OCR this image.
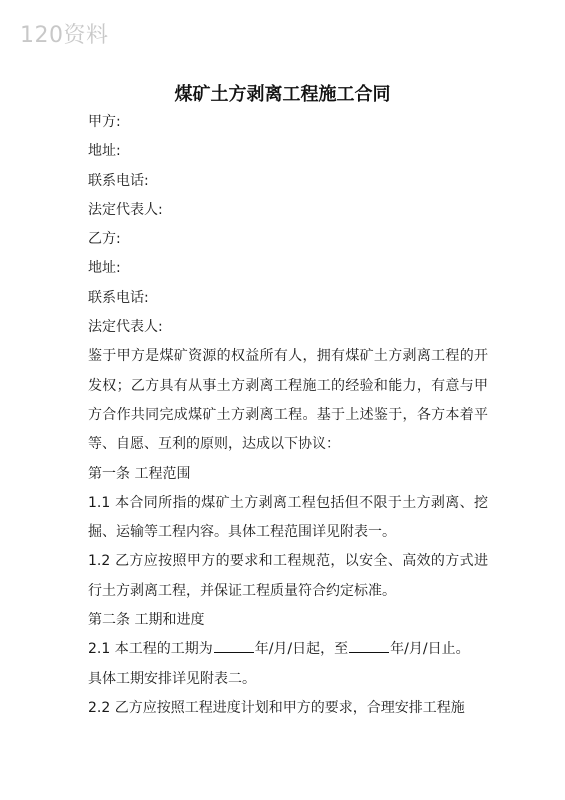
120资料
煤矿土方剥离工程施工合同
甲方:
地址:
联系电话:
法定代表人:
乙方:
地址:
联系电话:
法定代表人:
鉴于甲方是煤矿资源的权益所有人，拥有煤矿土方剥离工程的开发权；乙方具有从事土方剥离工程施工的经验和能力，有意与甲方合作共同完成煤矿土方剥离工程。基于上述鉴于，各方本着平等、自愿、互利的原则，达成以下协议：
第一条 工程范围
1.1 本合同所指的煤矿土方剥离工程包括但不限于土方剥离、挖掘、运输等工程内容。具体工程范围详见附表一。
1.2 乙方应按照甲方的要求和工程规范，以安全、高效的方式进行土方剥离工程，并保证工程质量符合约定标准。
第二条 工期和进度
2.1 本工程的工期为	年/月/日起，至	年/月/日止。
具体工期安排详见附表二。
2.2 乙方应按照工程进度计划和甲方的要求，合理安排工程施
